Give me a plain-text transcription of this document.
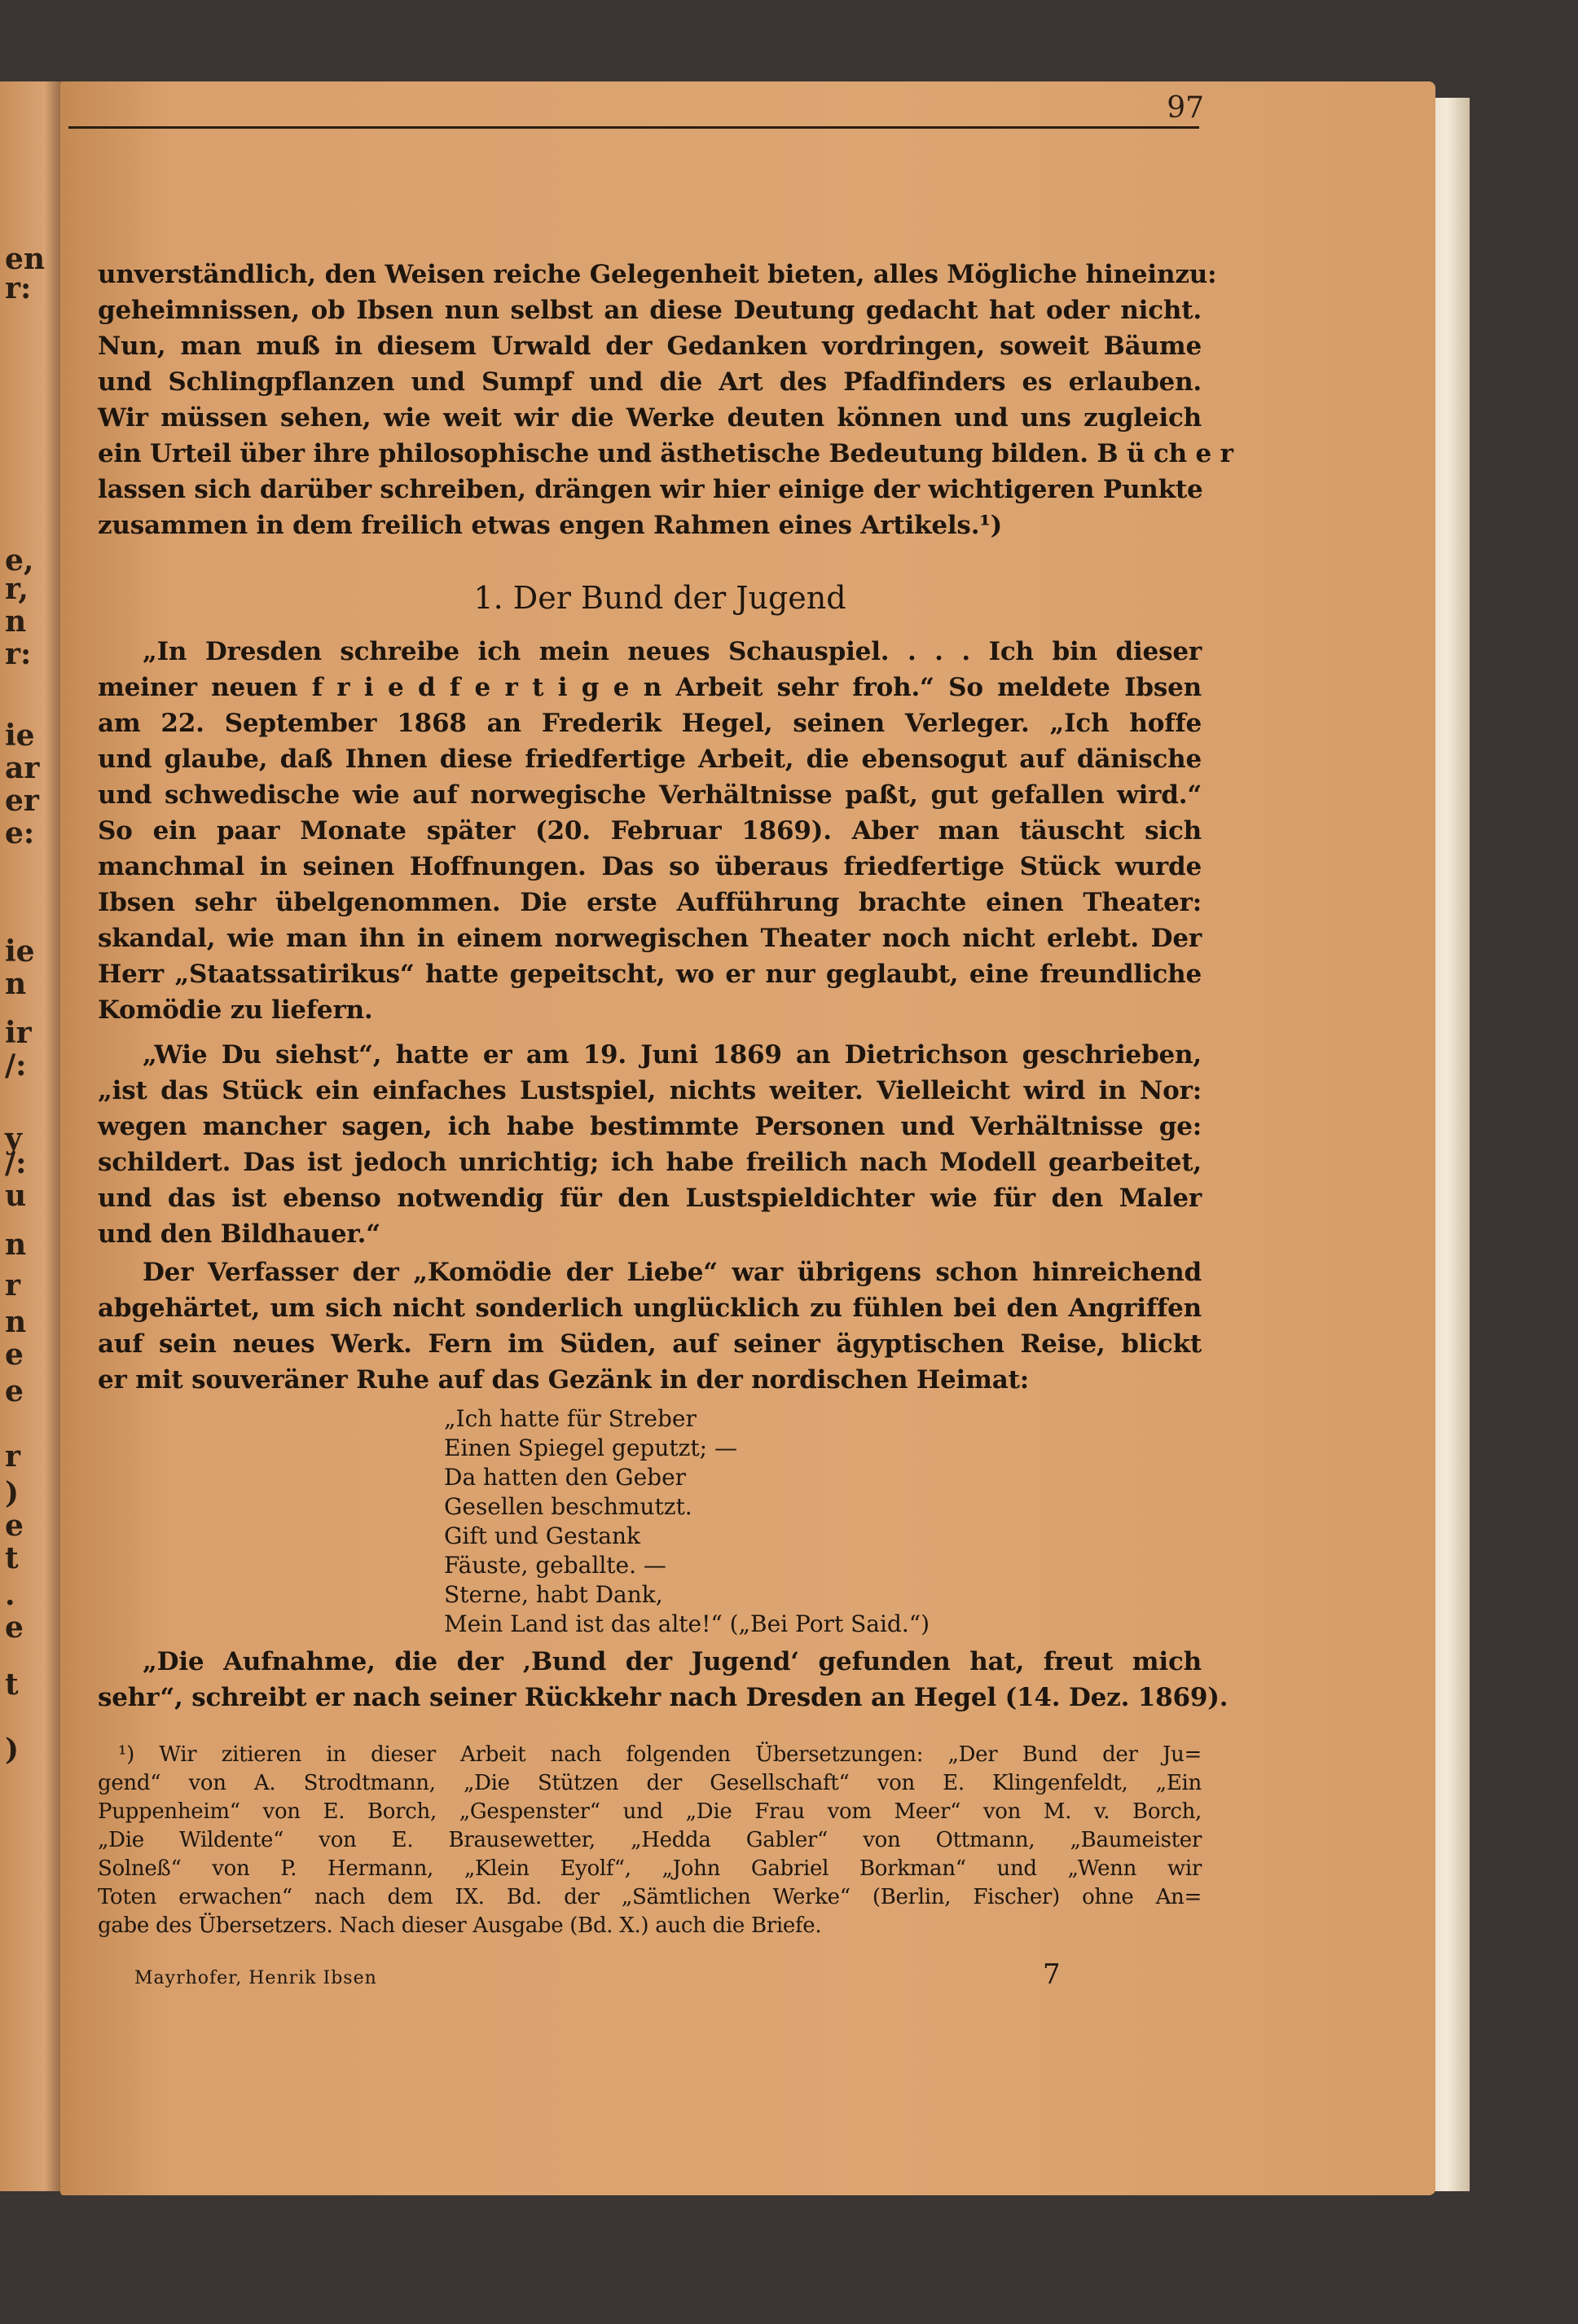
en
r:
e,
r,
n
r:
ie
ar
er
e:
ie
n
ir
/:
y
/:
u
n
r
n
e
e
r
)
e
t
.
e
t
)
97
unverständlich, den Weisen reiche Gelegenheit bieten, alles Mögliche hineinzu:
geheimnissen, ob Ibsen nun selbst an diese Deutung gedacht hat oder nicht.
Nun, man muß in diesem Urwald der Gedanken vordringen, soweit Bäume
und Schlingpflanzen und Sumpf und die Art des Pfadfinders es erlauben.
Wir müssen sehen, wie weit wir die Werke deuten können und uns zugleich
ein Urteil über ihre philosophische und ästhetische Bedeutung bilden. B ü ch e r
lassen sich darüber schreiben, drängen wir hier einige der wichtigeren Punkte
zusammen in dem freilich etwas engen Rahmen eines Artikels.¹)
1. Der Bund der Jugend
„In Dresden schreibe ich mein neues Schauspiel. . . . Ich bin dieser
meiner neuen f r i e d f e r t i g e n Arbeit sehr froh.“ So meldete Ibsen
am 22. September 1868 an Frederik Hegel, seinen Verleger. „Ich hoffe
und glaube, daß Ihnen diese friedfertige Arbeit, die ebensogut auf dänische
und schwedische wie auf norwegische Verhältnisse paßt, gut gefallen wird.“
So ein paar Monate später (20. Februar 1869). Aber man täuscht sich
manchmal in seinen Hoffnungen. Das so überaus friedfertige Stück wurde
Ibsen sehr übelgenommen. Die erste Aufführung brachte einen Theater:
skandal, wie man ihn in einem norwegischen Theater noch nicht erlebt. Der
Herr „Staatssatirikus“ hatte gepeitscht, wo er nur geglaubt, eine freundliche
Komödie zu liefern.
„Wie Du siehst“, hatte er am 19. Juni 1869 an Dietrichson geschrieben,
„ist das Stück ein einfaches Lustspiel, nichts weiter. Vielleicht wird in Nor:
wegen mancher sagen, ich habe bestimmte Personen und Verhältnisse ge:
schildert. Das ist jedoch unrichtig; ich habe freilich nach Modell gearbeitet,
und das ist ebenso notwendig für den Lustspieldichter wie für den Maler
und den Bildhauer.“
Der Verfasser der „Komödie der Liebe“ war übrigens schon hinreichend
abgehärtet, um sich nicht sonderlich unglücklich zu fühlen bei den Angriffen
auf sein neues Werk. Fern im Süden, auf seiner ägyptischen Reise, blickt
er mit souveräner Ruhe auf das Gezänk in der nordischen Heimat:
„Ich hatte für Streber
Einen Spiegel geputzt; —
Da hatten den Geber
Gesellen beschmutzt.
Gift und Gestank
Fäuste, geballte. —
Sterne, habt Dank,
Mein Land ist das alte!“ („Bei Port Said.“)
„Die Aufnahme, die der ‚Bund der Jugend‘ gefunden hat, freut mich
sehr“, schreibt er nach seiner Rückkehr nach Dresden an Hegel (14. Dez. 1869).
¹) Wir zitieren in dieser Arbeit nach folgenden Übersetzungen: „Der Bund der Ju=
gend“ von A. Strodtmann, „Die Stützen der Gesellschaft“ von E. Klingenfeldt, „Ein
Puppenheim“ von E. Borch, „Gespenster“ und „Die Frau vom Meer“ von M. v. Borch,
„Die Wildente“ von E. Brausewetter, „Hedda Gabler“ von Ottmann, „Baumeister
Solneß“ von P. Hermann, „Klein Eyolf“, „John Gabriel Borkman“ und „Wenn wir
Toten erwachen“ nach dem IX. Bd. der „Sämtlichen Werke“ (Berlin, Fischer) ohne An=
gabe des Übersetzers. Nach dieser Ausgabe (Bd. X.) auch die Briefe.
Mayrhofer, Henrik Ibsen	7
